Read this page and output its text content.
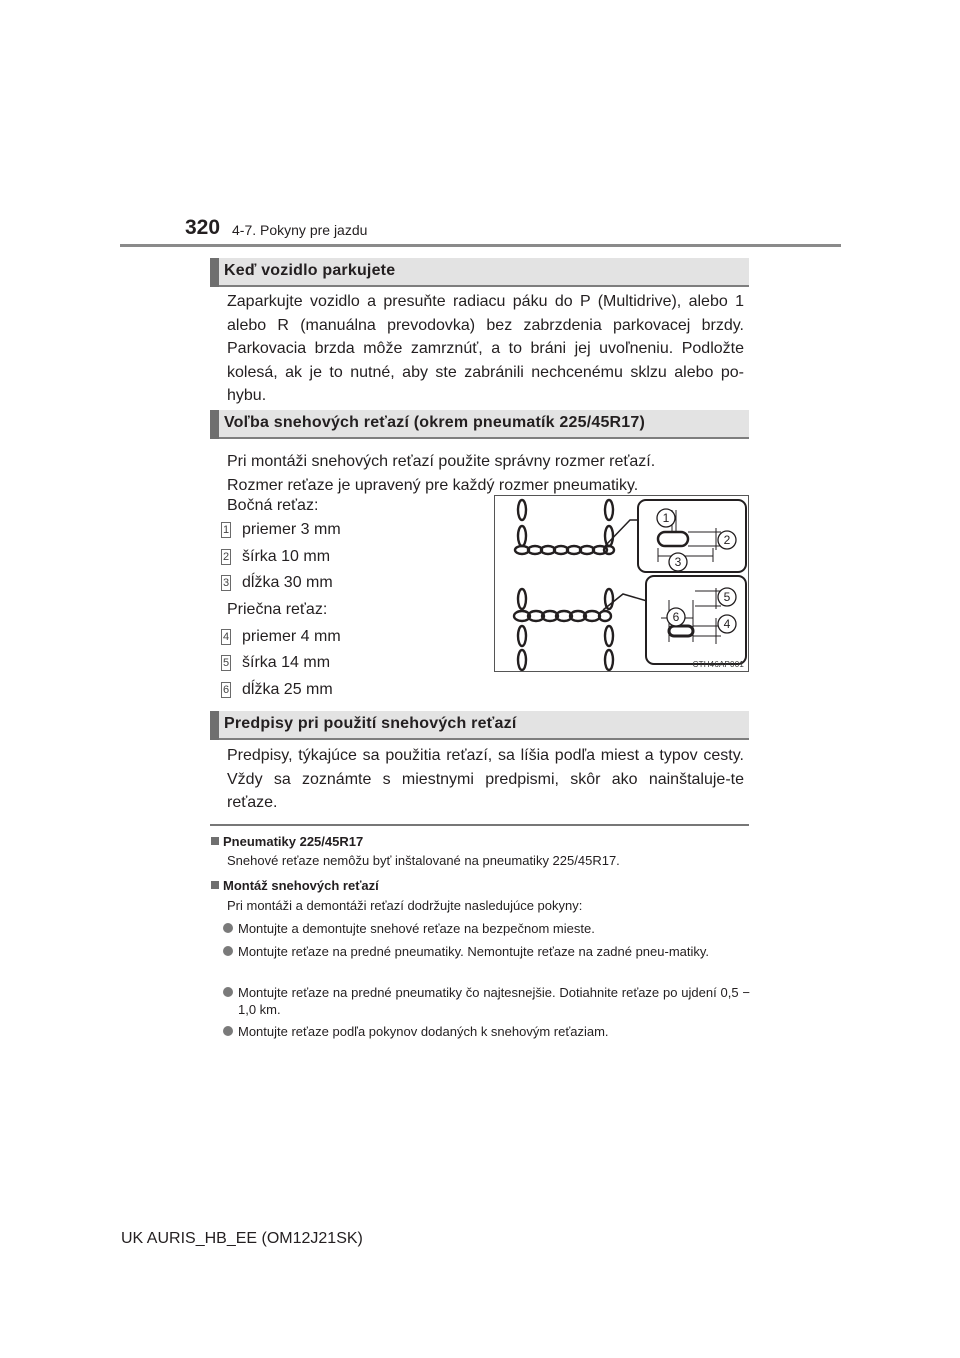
320 4-7. Pokyny pre jazdu
Keď vozidlo parkujete
Zaparkujte vozidlo a presuňte radiacu páku do P (Multidrive), alebo 1 alebo R (manuálna prevodovka) bez zabrzdenia parkovacej brzdy. Parkovacia brzda môže zamrznúť, a to bráni jej uvoľneniu. Podložte kolesá, ak je to nutné, aby ste zabránili nechcenému sklzu alebo po-hybu.
Voľba snehových reťazí (okrem pneumatík 225/45R17)
Pri montáži snehových reťazí použite správny rozmer reťazí.
Rozmer reťaze je upravený pre každý rozmer pneumatiky.
Bočná reťaz:
1 priemer 3 mm
2 šírka 10 mm
3 dĺžka 30 mm
Priečna reťaz:
4 priemer 4 mm
5 šírka 14 mm
6 dĺžka 25 mm
1
2
3
5
6	4
CTH46AP001
Predpisy pri použití snehových reťazí
Predpisy, týkajúce sa použitia reťazí, sa líšia podľa miest a typov cesty. Vždy sa zoznámte s miestnymi predpismi, skôr ako nainštaluje-te reťaze.
Pneumatiky 225/45R17
Snehové reťaze nemôžu byť inštalované na pneumatiky 225/45R17.
Montáž snehových reťazí
Pri montáži a demontáži reťazí dodržujte nasledujúce pokyny:
Montujte a demontujte snehové reťaze na bezpečnom mieste.
Montujte reťaze na predné pneumatiky. Nemontujte reťaze na zadné pneu-matiky.
Montujte reťaze na predné pneumatiky čo najtesnejšie. Dotiahnite reťaze po ujdení 0,5 − 1,0 km.
Montujte reťaze podľa pokynov dodaných k snehovým reťaziam.
UK AURIS_HB_EE (OM12J21SK)
